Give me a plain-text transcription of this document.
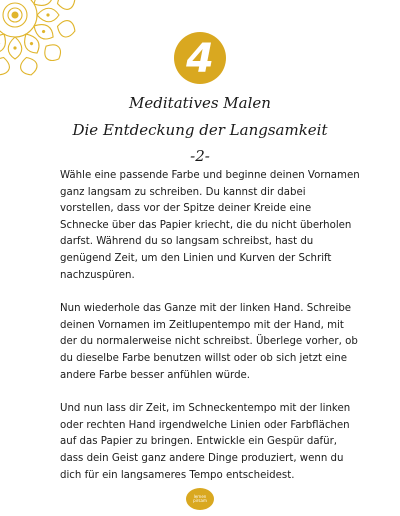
4
Meditatives Malen
Die Entdeckung der Langsamkeit
-2-

Wähle eine passende Farbe und beginne deinen Vornamen ganz langsam zu schreiben. Du kannst dir dabei vorstellen, dass vor der Spitze deiner Kreide eine Schnecke über das Papier kriecht, die du nicht überholen darfst. Während du so langsam schreibst, hast du genügend Zeit, um den Linien und Kurven der Schrift nachzuspüren.

Nun wiederhole das Ganze mit der linken Hand. Schreibe deinen Vornamen im Zeitlupentempo mit der Hand, mit der du normalerweise nicht schreibst. Überlege vorher, ob du dieselbe Farbe benutzen willst oder ob sich jetzt eine andere Farbe besser anfühlen würde.

Und nun lass dir Zeit, im Schneckentempo mit der linken oder rechten Hand irgendwelche Linien oder Farbflächen auf das Papier zu bringen. Entwickle ein Gespür dafür, dass dein Geist ganz andere Dinge produziert, wenn du dich für ein langsameres Tempo entscheidest.

lernen
pirsam
